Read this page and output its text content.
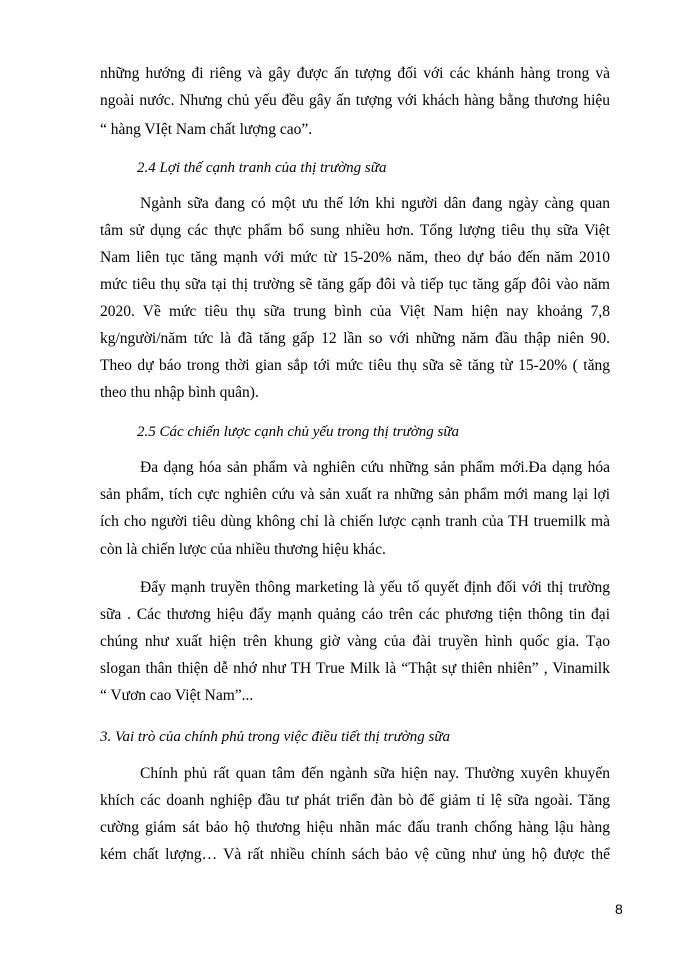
những hướng đi riêng và gây được ấn tượng đối với các khánh hàng trong và
ngoài nước. Nhưng chủ yếu đều gây ấn tượng với khách hàng bằng thương hiệu
“ hàng VIệt Nam chất lượng cao”.
2.4 Lợi thế cạnh tranh của thị trường sữa
Ngành sữa đang có một ưu thế lớn khi người dân đang ngày càng quan
tâm sử dụng các thực phẩm bổ sung nhiều hơn. Tổng lượng tiêu thụ sữa Việt
Nam liên tục tăng mạnh với mức từ 15-20% năm, theo dự báo đến năm 2010
mức tiêu thụ sữa tại thị trường sẽ tăng gấp đôi và tiếp tục tăng gấp đôi vào năm
2020. Về mức tiêu thụ sữa trung bình của Việt Nam hiện nay khoảng 7,8
kg/người/năm tức là đã tăng gấp 12 lần so với những năm đầu thập niên 90.
Theo dự báo trong thời gian sắp tới mức tiêu thụ sữa sẽ tăng từ 15-20% ( tăng
theo thu nhập bình quân).
2.5 Các chiến lược cạnh chủ yếu trong thị trường sữa
Đa dạng hóa sản phẩm và nghiên cứu những sản phẩm mới.Đa dạng hóa
sản phẩm, tích cực nghiên cứu và sản xuất ra những sản phẩm mới mang lại lợi
ích cho người tiêu dùng không chỉ là chiến lược cạnh tranh của TH truemilk mà
còn là chiến lược của nhiều thương hiệu khác.
Đẩy mạnh truyền thông marketing là yếu tố quyết định đối với thị trường
sữa . Các thương hiệu đẩy mạnh quảng cáo trên các phương tiện thông tin đại
chúng như xuất hiện trên khung giờ vàng của đài truyền hình quốc gia. Tạo
slogan thân thiện dễ nhớ như TH True Milk là “Thật sự thiên nhiên” , Vinamilk
“ Vươn cao Việt Nam”...
3. Vai trò của chính phủ trong việc điều tiết thị trường sữa
Chính phủ rất quan tâm đến ngành sữa hiện nay. Thường xuyên khuyến
khích các doanh nghiệp đầu tư phát triển đàn bò để giảm tỉ lệ sữa ngoài. Tăng
cường giám sát bảo hộ thương hiệu nhãn mác đấu tranh chống hàng lậu hàng
kém chất lượng… Và rất nhiều chính sách bảo vệ cũng như ủng hộ được thể
8
